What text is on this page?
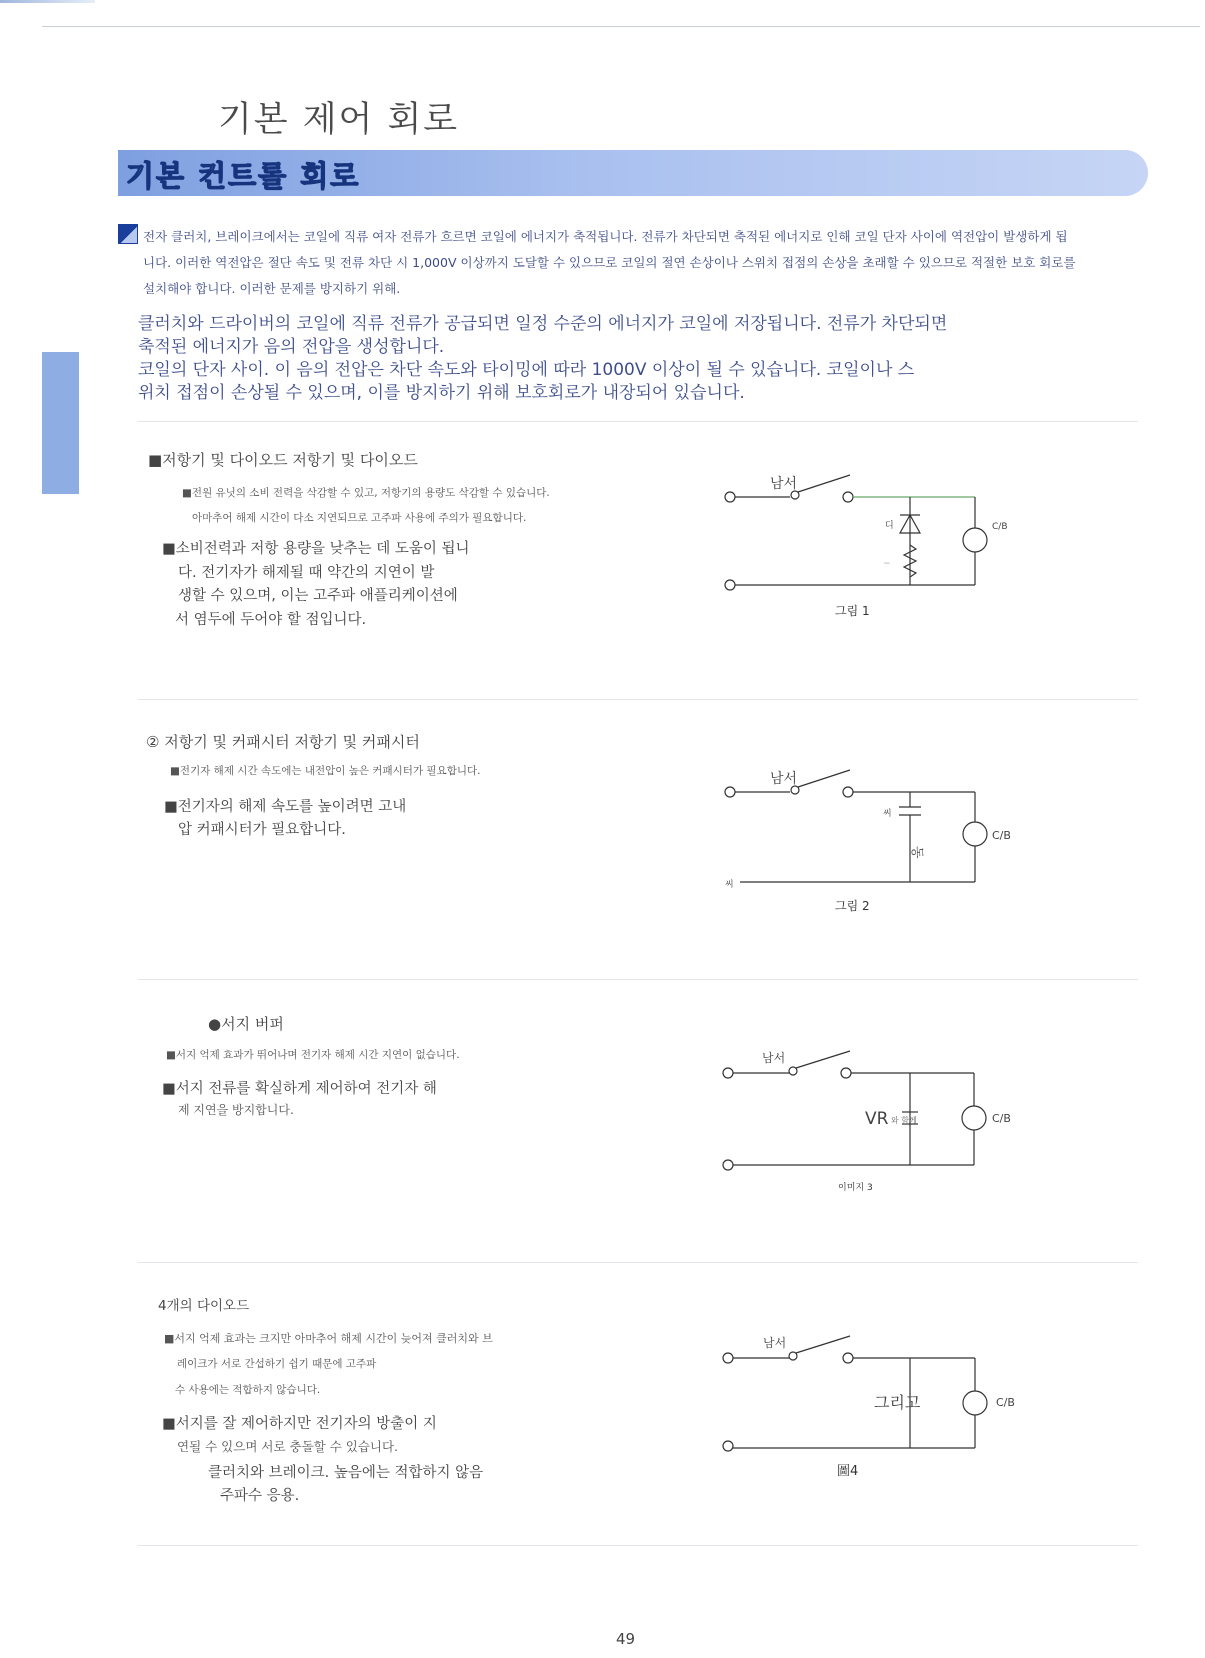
기본 제어 회로
기본 컨트롤 회로
전자 클러치, 브레이크에서는 코일에 직류 여자 전류가 흐르면 코일에 에너지가 축적됩니다. 전류가 차단되면 축적된 에너지로 인해 코일 단자 사이에 역전압이 발생하게 됩
니다. 이러한 역전압은 절단 속도 및 전류 차단 시 1,000V 이상까지 도달할 수 있으므로 코일의 절연 손상이나 스위치 접점의 손상을 초래할 수 있으므로 적절한 보호 회로를
설치해야 합니다. 이러한 문제를 방지하기 위해.
클러치와 드라이버의 코일에 직류 전류가 공급되면 일정 수준의 에너지가 코일에 저장됩니다. 전류가 차단되면
축적된 에너지가 음의 전압을 생성합니다.
코일의 단자 사이. 이 음의 전압은 차단 속도와 타이밍에 따라 1000V 이상이 될 수 있습니다. 코일이나 스
위치 접점이 손상될 수 있으며, 이를 방지하기 위해 보호회로가 내장되어 있습니다.
■저항기 및 다이오드 저항기 및 다이오드
■전원 유닛의 소비 전력을 삭감할 수 있고, 저항기의 용량도 삭감할 수 있습니다.
아마추어 해제 시간이 다소 지연되므로 고주파 사용에 주의가 필요합니다.
■소비전력과 저항 용량을 낮추는 데 도움이 됩니
다. 전기자가 해제될 때 약간의 지연이 발
생할 수 있으며, 이는 고주파 애플리케이션에
서 염두에 두어야 할 점입니다.
남서
디
~
C/B
그림 1
② 저항기 및 커패시터 저항기 및 커패시터
■전기자 해제 시간 속도에는 내전압이 높은 커패시터가 필요합니다.
■전기자의 해제 속도를 높이려면 고내
압 커패시터가 필요합니다.
남서
씨
동
씨
C/B
그림 2
●서지 버퍼
■서지 억제 효과가 뛰어나며 전기자 해제 시간 지연이 없습니다.
■서지 전류를 확실하게 제어하여 전기자 해
제 지연을 방지합니다.
남서
VR 와 함께	C/B
이미지 3
4개의 다이오드
■서지 억제 효과는 크지만 아마추어 해제 시간이 늦어져 클러치와 브
레이크가 서로 간섭하기 쉽기 때문에 고주파
수 사용에는 적합하지 않습니다.
■서지를 잘 제어하지만 전기자의 방출이 지
연될 수 있으며 서로 충돌할 수 있습니다.
클러치와 브레이크. 높음에는 적합하지 않음
주파수 응용.
남서
그리고	C/B
圖4
49
